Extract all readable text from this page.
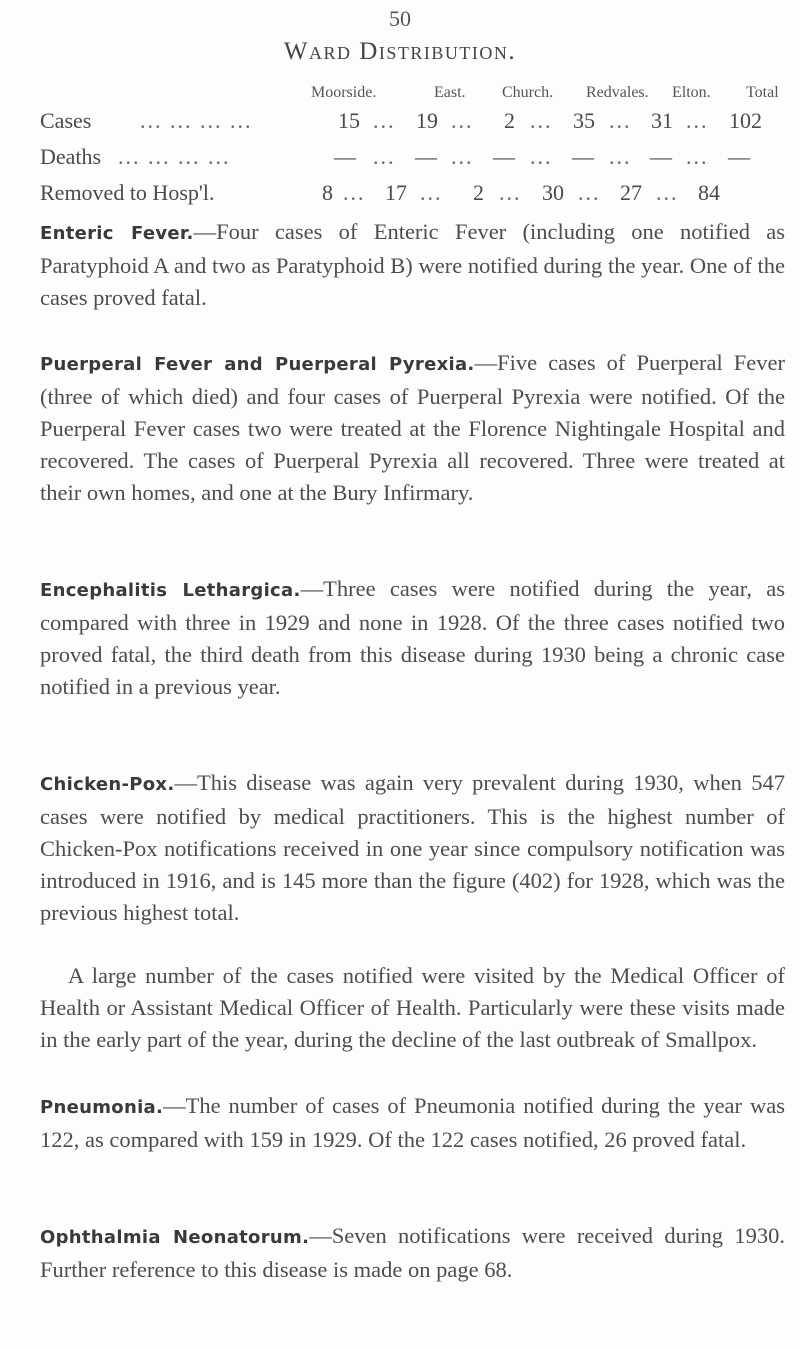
50
Ward Distribution.
Moorside.	East. Church. Redvales. Elton. Total
Cases ... ... ... ...	15 ... 19 ... 2 ... 35 ... 31 ... 102
Deaths ... ... ... ...	— ... — ... — ... — ... — ... —
Removed to Hosp'l.	8 ... 17 ... 2 ... 30 ... 27 ... 84

Enteric Fever.—Four cases of Enteric Fever (including one notified as Paratyphoid A and two as Paratyphoid B) were notified during the year. One of the cases proved fatal.

Puerperal Fever and Puerperal Pyrexia.—Five cases of Puerperal Fever (three of which died) and four cases of Puerperal Pyrexia were notified. Of the Puerperal Fever cases two were treated at the Florence Nightingale Hospital and recovered. The cases of Puerperal Pyrexia all recovered. Three were treated at their own homes, and one at the Bury Infirmary.

Encephalitis Lethargica.—Three cases were notified during the year, as compared with three in 1929 and none in 1928. Of the three cases notified two proved fatal, the third death from this disease during 1930 being a chronic case notified in a previous year.

Chicken-Pox.—This disease was again very prevalent during 1930, when 547 cases were notified by medical practitioners. This is the highest number of Chicken-Pox notifications received in one year since compulsory notification was introduced in 1916, and is 145 more than the figure (402) for 1928, which was the previous highest total.

A large number of the cases notified were visited by the Medical Officer of Health or Assistant Medical Officer of Health. Particularly were these visits made in the early part of the year, during the decline of the last outbreak of Smallpox.

Pneumonia.—The number of cases of Pneumonia notified during the year was 122, as compared with 159 in 1929. Of the 122 cases notified, 26 proved fatal.

Ophthalmia Neonatorum.—Seven notifications were received during 1930. Further reference to this disease is made on page 68.
